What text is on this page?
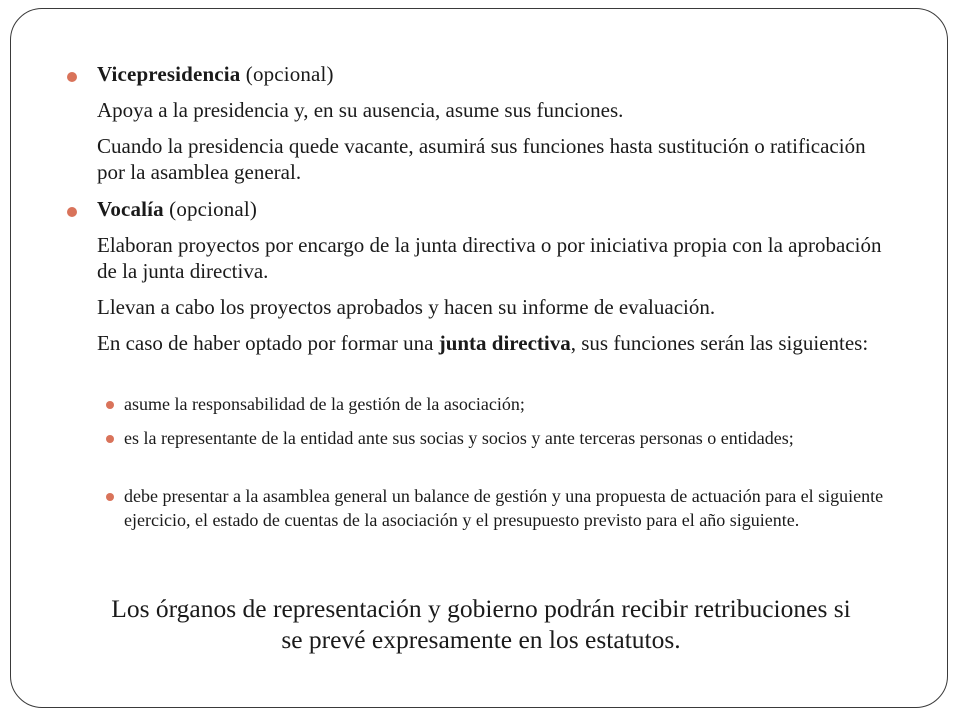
Vicepresidencia (opcional)
Apoya a la presidencia y, en su ausencia, asume sus funciones.
Cuando la presidencia quede vacante, asumirá sus funciones hasta sustitución o ratificación por la asamblea general.
Vocalía (opcional)
Elaboran proyectos por encargo de la junta directiva o por iniciativa propia con la aprobación de la junta directiva.
Llevan a cabo los proyectos aprobados y hacen su informe de evaluación.
En caso de haber optado por formar una junta directiva, sus funciones serán las siguientes:
asume la responsabilidad de la gestión de la asociación;
es la representante de la entidad ante sus socias y socios y ante terceras personas o entidades;
debe presentar a la asamblea general un balance de gestión y una propuesta de actuación para el siguiente ejercicio, el estado de cuentas de la asociación y el presupuesto previsto para el año siguiente.
Los órganos de representación y gobierno podrán recibir retribuciones si se prevé expresamente en los estatutos.
